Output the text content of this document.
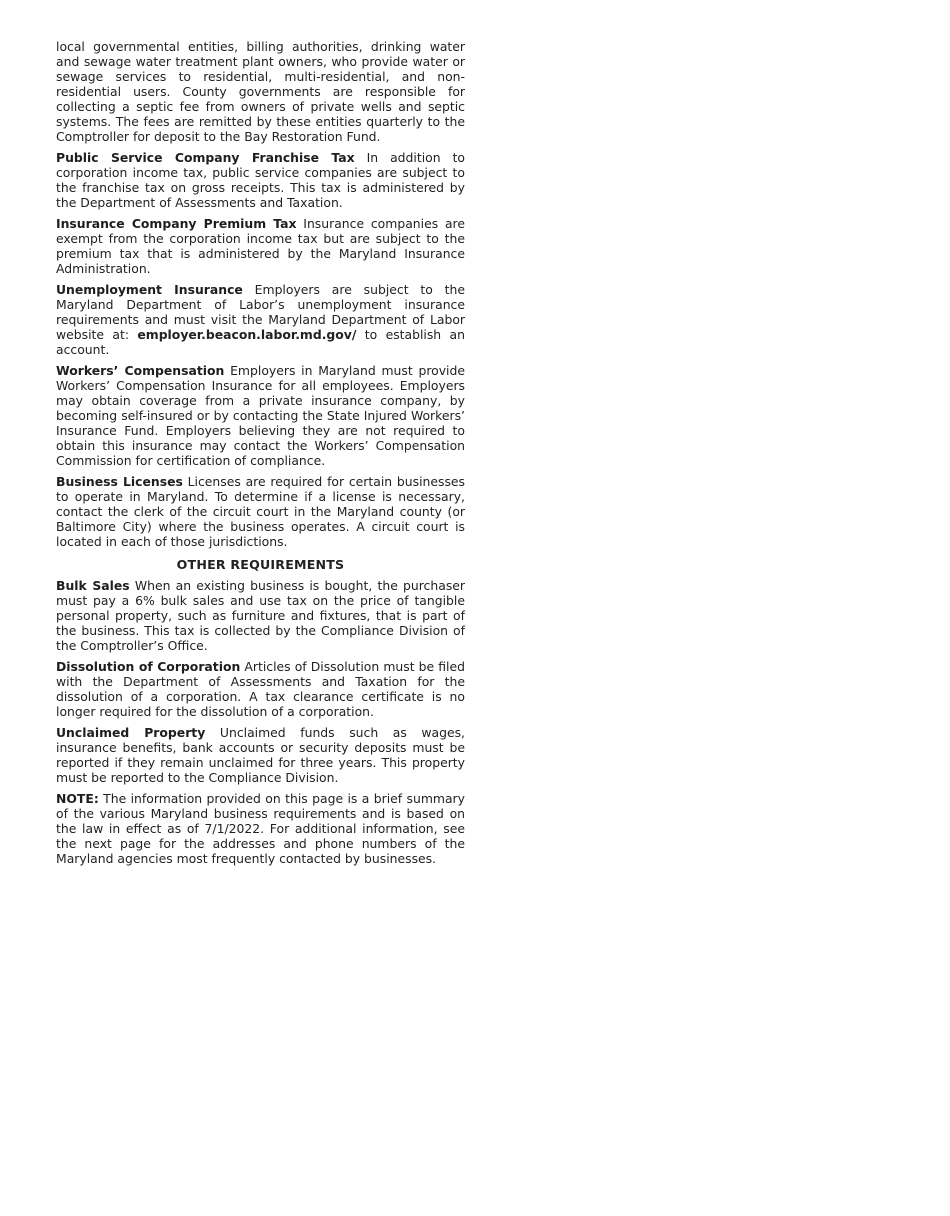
local governmental entities, billing authorities, drinking water and sewage water treatment plant owners, who provide water or sewage services to residential, multi-residential, and non-residential users. County governments are responsible for collecting a septic fee from owners of private wells and septic systems. The fees are remitted by these entities quarterly to the Comptroller for deposit to the Bay Restoration Fund.

Public Service Company Franchise Tax In addition to corporation income tax, public service companies are subject to the franchise tax on gross receipts. This tax is administered by the Department of Assessments and Taxation.

Insurance Company Premium Tax Insurance companies are exempt from the corporation income tax but are subject to the premium tax that is administered by the Maryland Insurance Administration.

Unemployment Insurance Employers are subject to the Maryland Department of Labor’s unemployment insurance requirements and must visit the Maryland Department of Labor website at: employer.beacon.labor.md.gov/ to establish an account.

Workers’ Compensation Employers in Maryland must provide Workers’ Compensation Insurance for all employees. Employers may obtain coverage from a private insurance company, by becoming self-insured or by contacting the State Injured Workers’ Insurance Fund. Employers believing they are not required to obtain this insurance may contact the Workers’ Compensation Commission for certification of compliance.

Business Licenses Licenses are required for certain businesses to operate in Maryland. To determine if a license is necessary, contact the clerk of the circuit court in the Maryland county (or Baltimore City) where the business operates. A circuit court is located in each of those jurisdictions.

OTHER REQUIREMENTS

Bulk Sales When an existing business is bought, the purchaser must pay a 6% bulk sales and use tax on the price of tangible personal property, such as furniture and fixtures, that is part of the business. This tax is collected by the Compliance Division of the Comptroller’s Office.

Dissolution of Corporation Articles of Dissolution must be filed with the Department of Assessments and Taxation for the dissolution of a corporation. A tax clearance certificate is no longer required for the dissolution of a corporation.

Unclaimed Property Unclaimed funds such as wages, insurance benefits, bank accounts or security deposits must be reported if they remain unclaimed for three years. This property must be reported to the Compliance Division.

NOTE: The information provided on this page is a brief summary of the various Maryland business requirements and is based on the law in effect as of 7/1/2022. For additional information, see the next page for the addresses and phone numbers of the Maryland agencies most frequently contacted by businesses.
